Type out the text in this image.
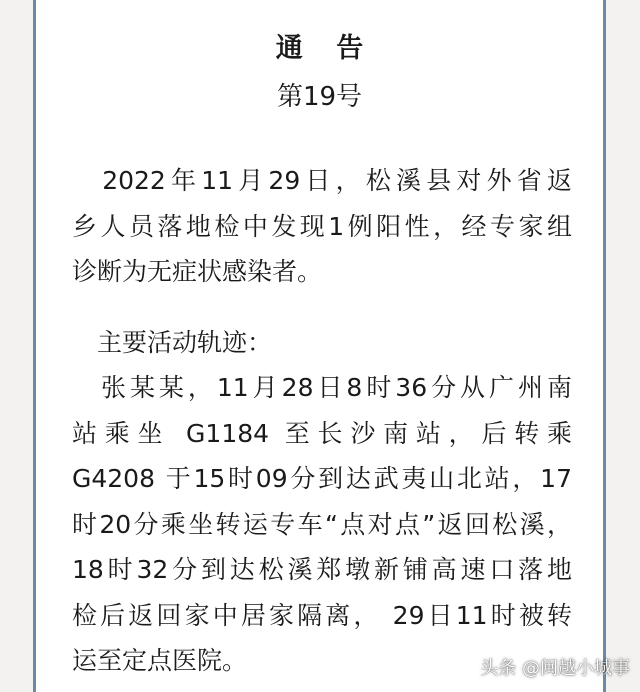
通 告
第19号
　2022年11月29日，松溪县对外省返
乡人员落地检中发现1例阳性，经专家组
诊断为无症状感染者。
　主要活动轨迹：
　张某某，11月28日8时36分从广州南
站乘坐 G1184 至长沙南站，后转乘
G4208 于15时09分到达武夷山北站，17
时20分乘坐转运专车“点对点”返回松溪，
18时32分到达松溪郑墩新铺高速口落地
检后返回家中居家隔离， 29日11时被转
运至定点医院。	头条 @闽越小城事
